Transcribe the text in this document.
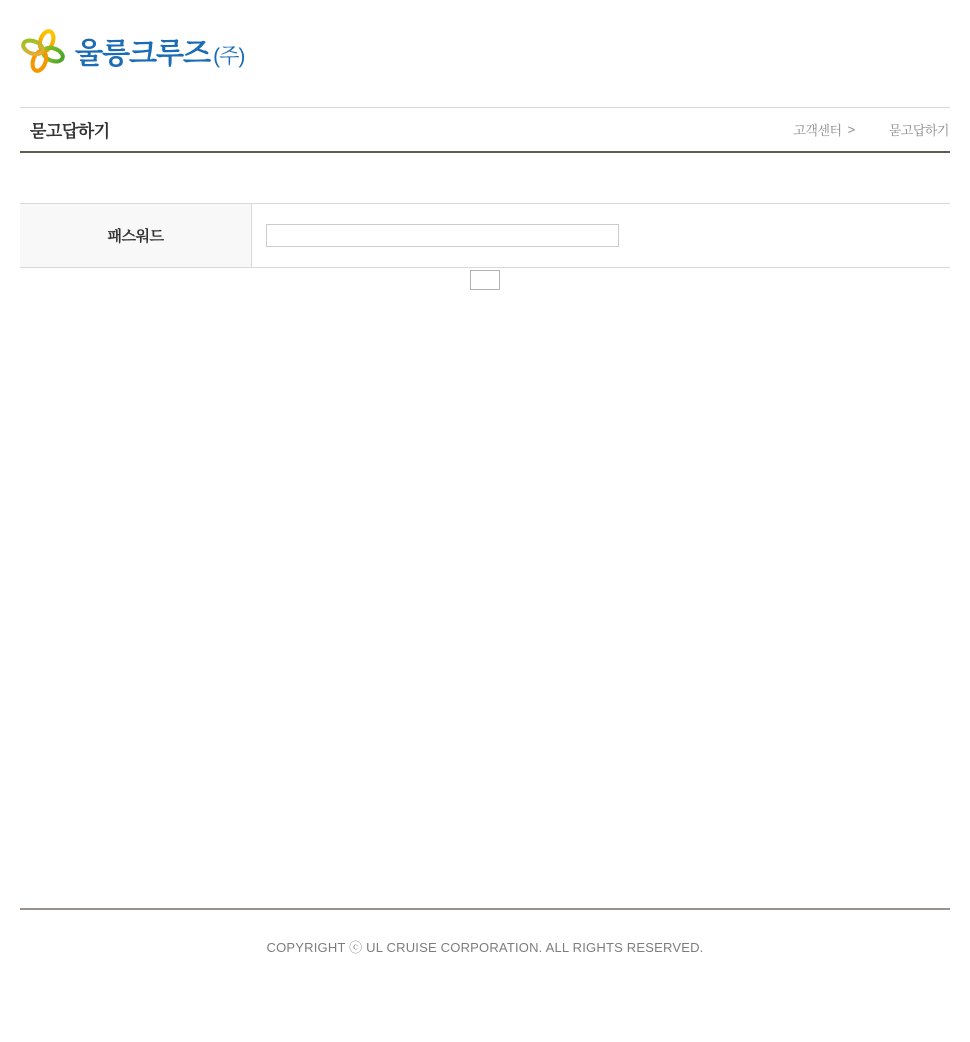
울릉크루즈 (주)
묻고답하기	고객센터 >	묻고답하기
패스워드

COPYRIGHT ⓒ UL CRUISE CORPORATION. ALL RIGHTS RESERVED.
